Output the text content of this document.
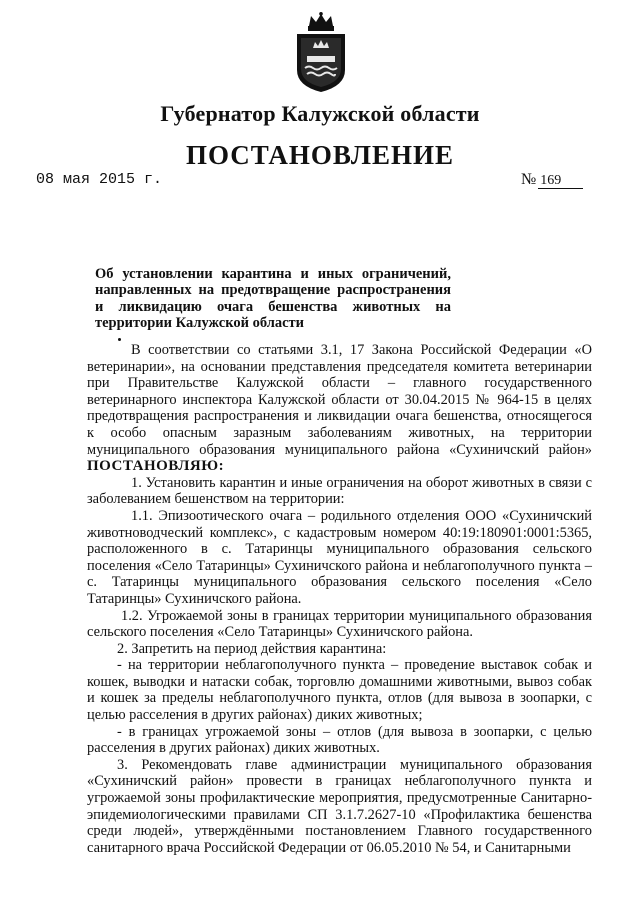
Губернатор Калужской области
ПОСТАНОВЛЕНИЕ
08 мая 2015 г.	№ 169
Об установлении карантина и иных ограничений, направленных на предотвращение распространения и ликвидацию очага бешенства животных на территории Калужской области

В соответствии со статьями 3.1, 17 Закона Российской Федерации «О ветеринарии», на основании представления председателя комитета ветеринарии при Правительстве Калужской области – главного государственного ветеринарного инспектора Калужской области от 30.04.2015 № 964-15 в целях предотвращения распространения и ликвидации очага бешенства, относящегося к особо опасным заразным заболеваниям животных, на территории муниципального образования муниципального района «Сухиничский район» ПОСТАНОВЛЯЮ:

1. Установить карантин и иные ограничения на оборот животных в связи с заболеванием бешенством на территории:

1.1. Эпизоотического очага – родильного отделения ООО «Сухиничский животноводческий комплекс», с кадастровым номером 40:19:180901:0001:5365, расположенного в с. Татаринцы муниципального образования сельского поселения «Село Татаринцы» Сухиничского района и неблагополучного пункта – с. Татаринцы муниципального образования сельского поселения «Село Татаринцы» Сухиничского района.

1.2. Угрожаемой зоны в границах территории муниципального образования сельского поселения «Село Татаринцы» Сухиничского района.

2. Запретить на период действия карантина:

- на территории неблагополучного пункта – проведение выставок собак и кошек, выводки и натаски собак, торговлю домашними животными, вывоз собак и кошек за пределы неблагополучного пункта, отлов (для вывоза в зоопарки, с целью расселения в других районах) диких животных;

- в границах угрожаемой зоны – отлов (для вывоза в зоопарки, с целью расселения в других районах) диких животных.

3. Рекомендовать главе администрации муниципального образования «Сухиничский район» провести в границах неблагополучного пункта и угрожаемой зоны профилактические мероприятия, предусмотренные Санитарно-эпидемиологическими правилами СП 3.1.7.2627-10 «Профилактика бешенства среди людей», утверждёнными постановлением Главного государственного санитарного врача Российской Федерации от 06.05.2010 № 54, и Санитарными
